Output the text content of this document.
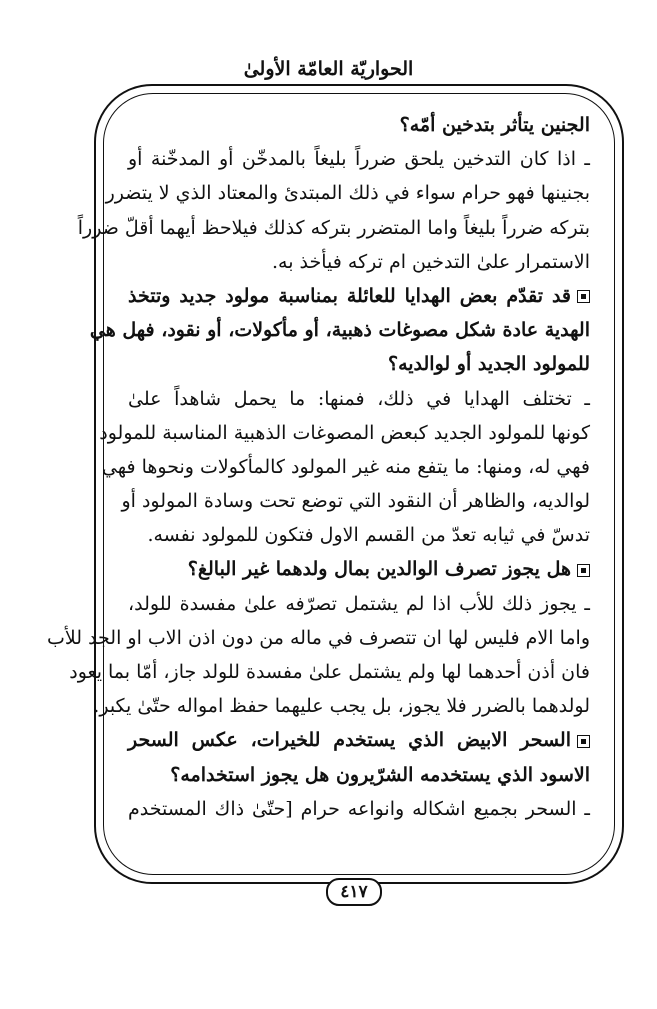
الحواريّة العامّة الأولىٰ
الجنين يتأثر بتدخين أمّه؟
ـ اذا كان التدخين يلحق ضرراً بليغاً بالمدخّن أو المدخّنة أو
بجنينها فهو حرام سواء في ذلك المبتدئ والمعتاد الذي لا يتضرر
بتركه ضرراً بليغاً واما المتضرر بتركه كذلك فيلاحظ أيهما أقلّ ضرراً
الاستمرار علىٰ التدخين ام تركه فيأخذ به.
قد تقدّم بعض الهدايا للعائلة بمناسبة مولود جديد وتتخذ
الهدية عادة شكل مصوغات ذهبية، أو مأكولات، أو نقود، فهل هي
للمولود الجديد أو لوالديه؟
ـ تختلف الهدايا في ذلك، فمنها: ما يحمل شاهداً علىٰ
كونها للمولود الجديد كبعض المصوغات الذهبية المناسبة للمولود
فهي له، ومنها: ما يتفع منه غير المولود كالمأكولات ونحوها فهي
لوالديه، والظاهر أن النقود التي توضع تحت وسادة المولود أو
تدسّ في ثيابه تعدّ من القسم الاول فتكون للمولود نفسه.
هل يجوز تصرف الوالدين بمال ولدهما غير البالغ؟
ـ يجوز ذلك للأب اذا لم يشتمل تصرّفه علىٰ مفسدة للولد،
واما الام فليس لها ان تتصرف في ماله من دون اذن الاب او الجد للأب
فان أذن أحدهما لها ولم يشتمل علىٰ مفسدة للولد جاز، أمّا بما يعود
لولدهما بالضرر فلا يجوز، بل يجب عليهما حفظ امواله حتّىٰ يكبر.
السحر الابيض الذي يستخدم للخيرات، عكس السحر
الاسود الذي يستخدمه الشرّيرون هل يجوز استخدامه؟
ـ السحر بجميع اشكاله وانواعه حرام [حتّىٰ ذاك المستخدم
٤١٧
